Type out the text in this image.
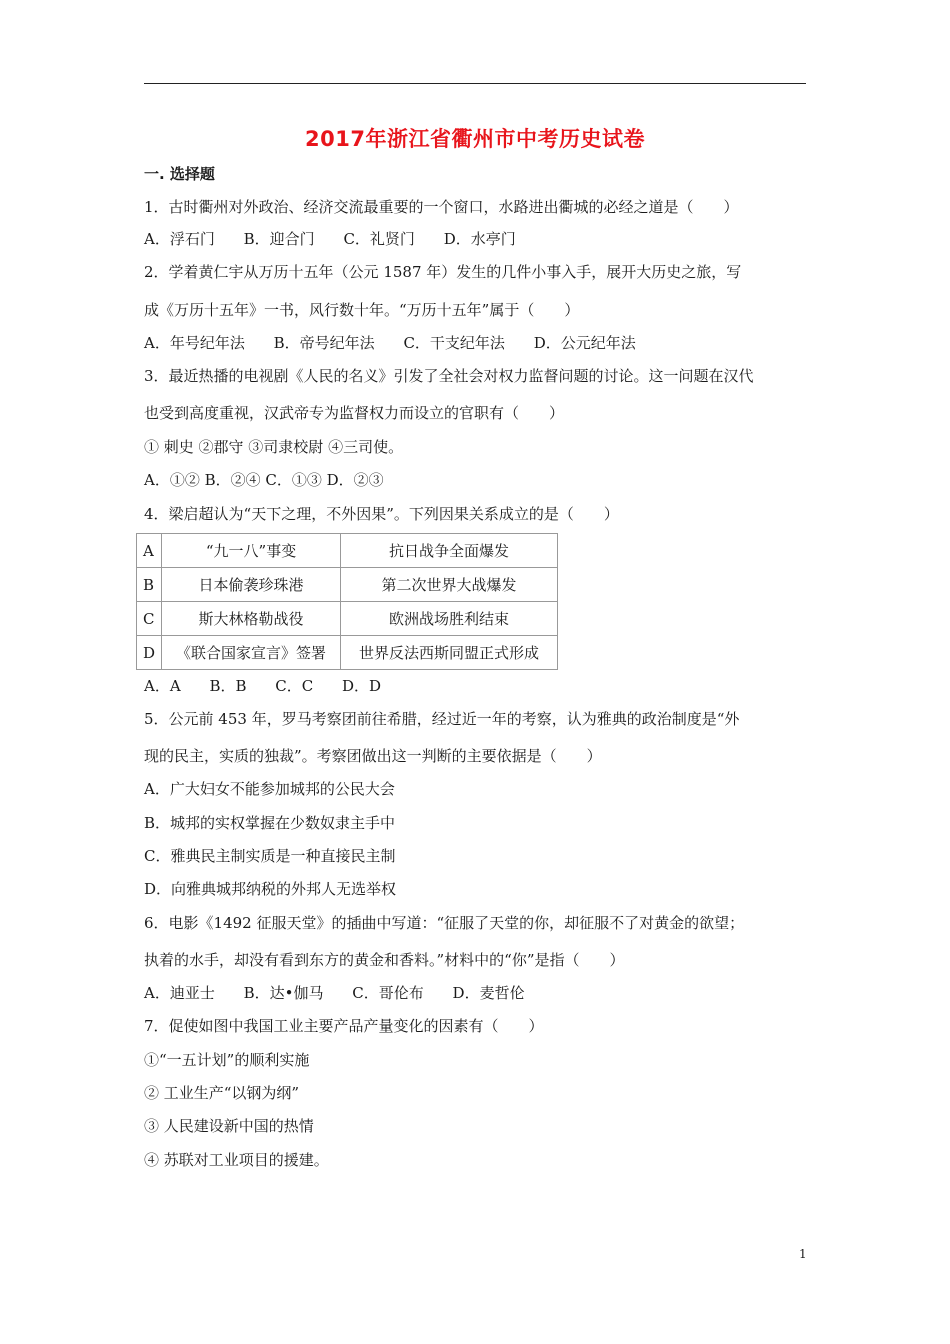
2017年浙江省衢州市中考历史试卷
一. 选择题
1．古时衢州对外政治、经济交流最重要的一个窗口，水路进出衢城的必经之道是（　　）
A．浮石门 B．迎合门 C．礼贤门 D．水亭门
2．学着黄仁宇从万历十五年（公元 1587 年）发生的几件小事入手，展开大历史之旅，写
成《万历十五年》一书，风行数十年。“万历十五年”属于（　　）
A．年号纪年法 B．帝号纪年法 C．干支纪年法 D．公元纪年法
3．最近热播的电视剧《人民的名义》引发了全社会对权力监督问题的讨论。这一问题在汉代
也受到高度重视，汉武帝专为监督权力而设立的官职有（　　）
① 刺史 ②郡守 ③司隶校尉 ④三司使。
A．①② B．②④ C．①③ D．②③
4．梁启超认为“天下之理，不外因果”。下列因果关系成立的是（　　）
A	“九一八”事变	抗日战争全面爆发
B	日本偷袭珍珠港	第二次世界大战爆发
C	斯大林格勒战役	欧洲战场胜利结束
D	《联合国家宣言》签署	世界反法西斯同盟正式形成
A．A B．B C．C D．D
5．公元前 453 年，罗马考察团前往希腊，经过近一年的考察，认为雅典的政治制度是“外
现的民主，实质的独裁”。考察团做出这一判断的主要依据是（　　）
A．广大妇女不能参加城邦的公民大会
B．城邦的实权掌握在少数奴隶主手中
C．雅典民主制实质是一种直接民主制
D．向雅典城邦纳税的外邦人无选举权
6．电影《1492 征服天堂》的插曲中写道：“征服了天堂的你，却征服不了对黄金的欲望；
执着的水手，却没有看到东方的黄金和香料。”材料中的“你”是指（　　）
A．迪亚士 B．达•伽马 C．哥伦布 D．麦哲伦
7．促使如图中我国工业主要产品产量变化的因素有（　　）
①“一五计划”的顺利实施
② 工业生产“以钢为纲”
③ 人民建设新中国的热情
④ 苏联对工业项目的援建。
1
